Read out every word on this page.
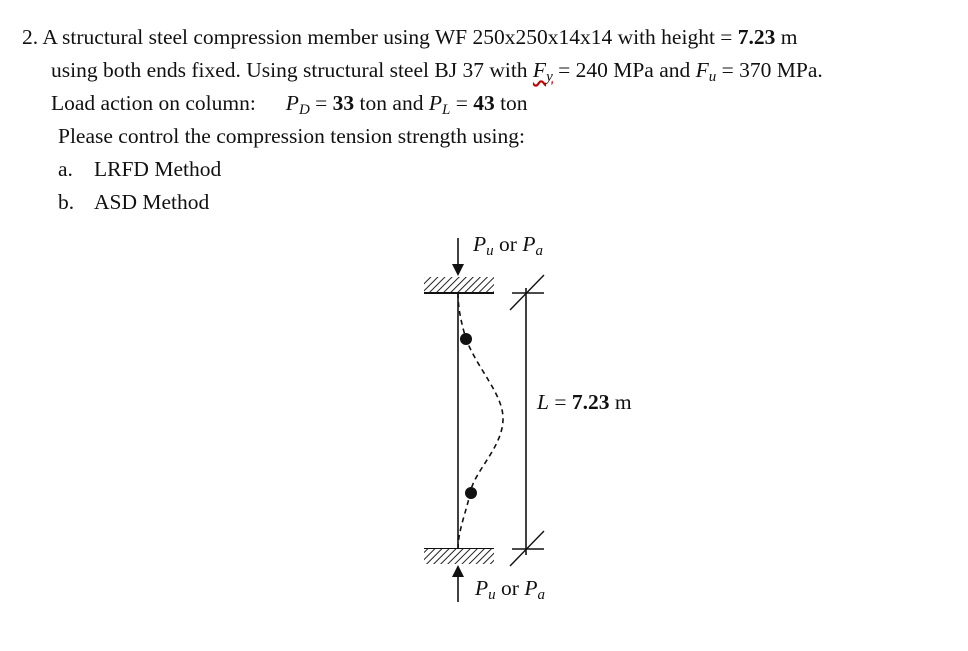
2. A structural steel compression member using WF 250x250x14x14 with height = 7.23 m
using both ends fixed. Using structural steel BJ 37 with $F_y = 240$ MPa and $F_u = 370$ MPa.
Load action on column: $P_D = 33$ ton and $P_L = 43$ ton
Please control the compression tension strength using:
a. LRFD Method
b. ASD Method
$P_u$ or $P_a$
L = 7.23 m
$P_u$ or $P_a$
